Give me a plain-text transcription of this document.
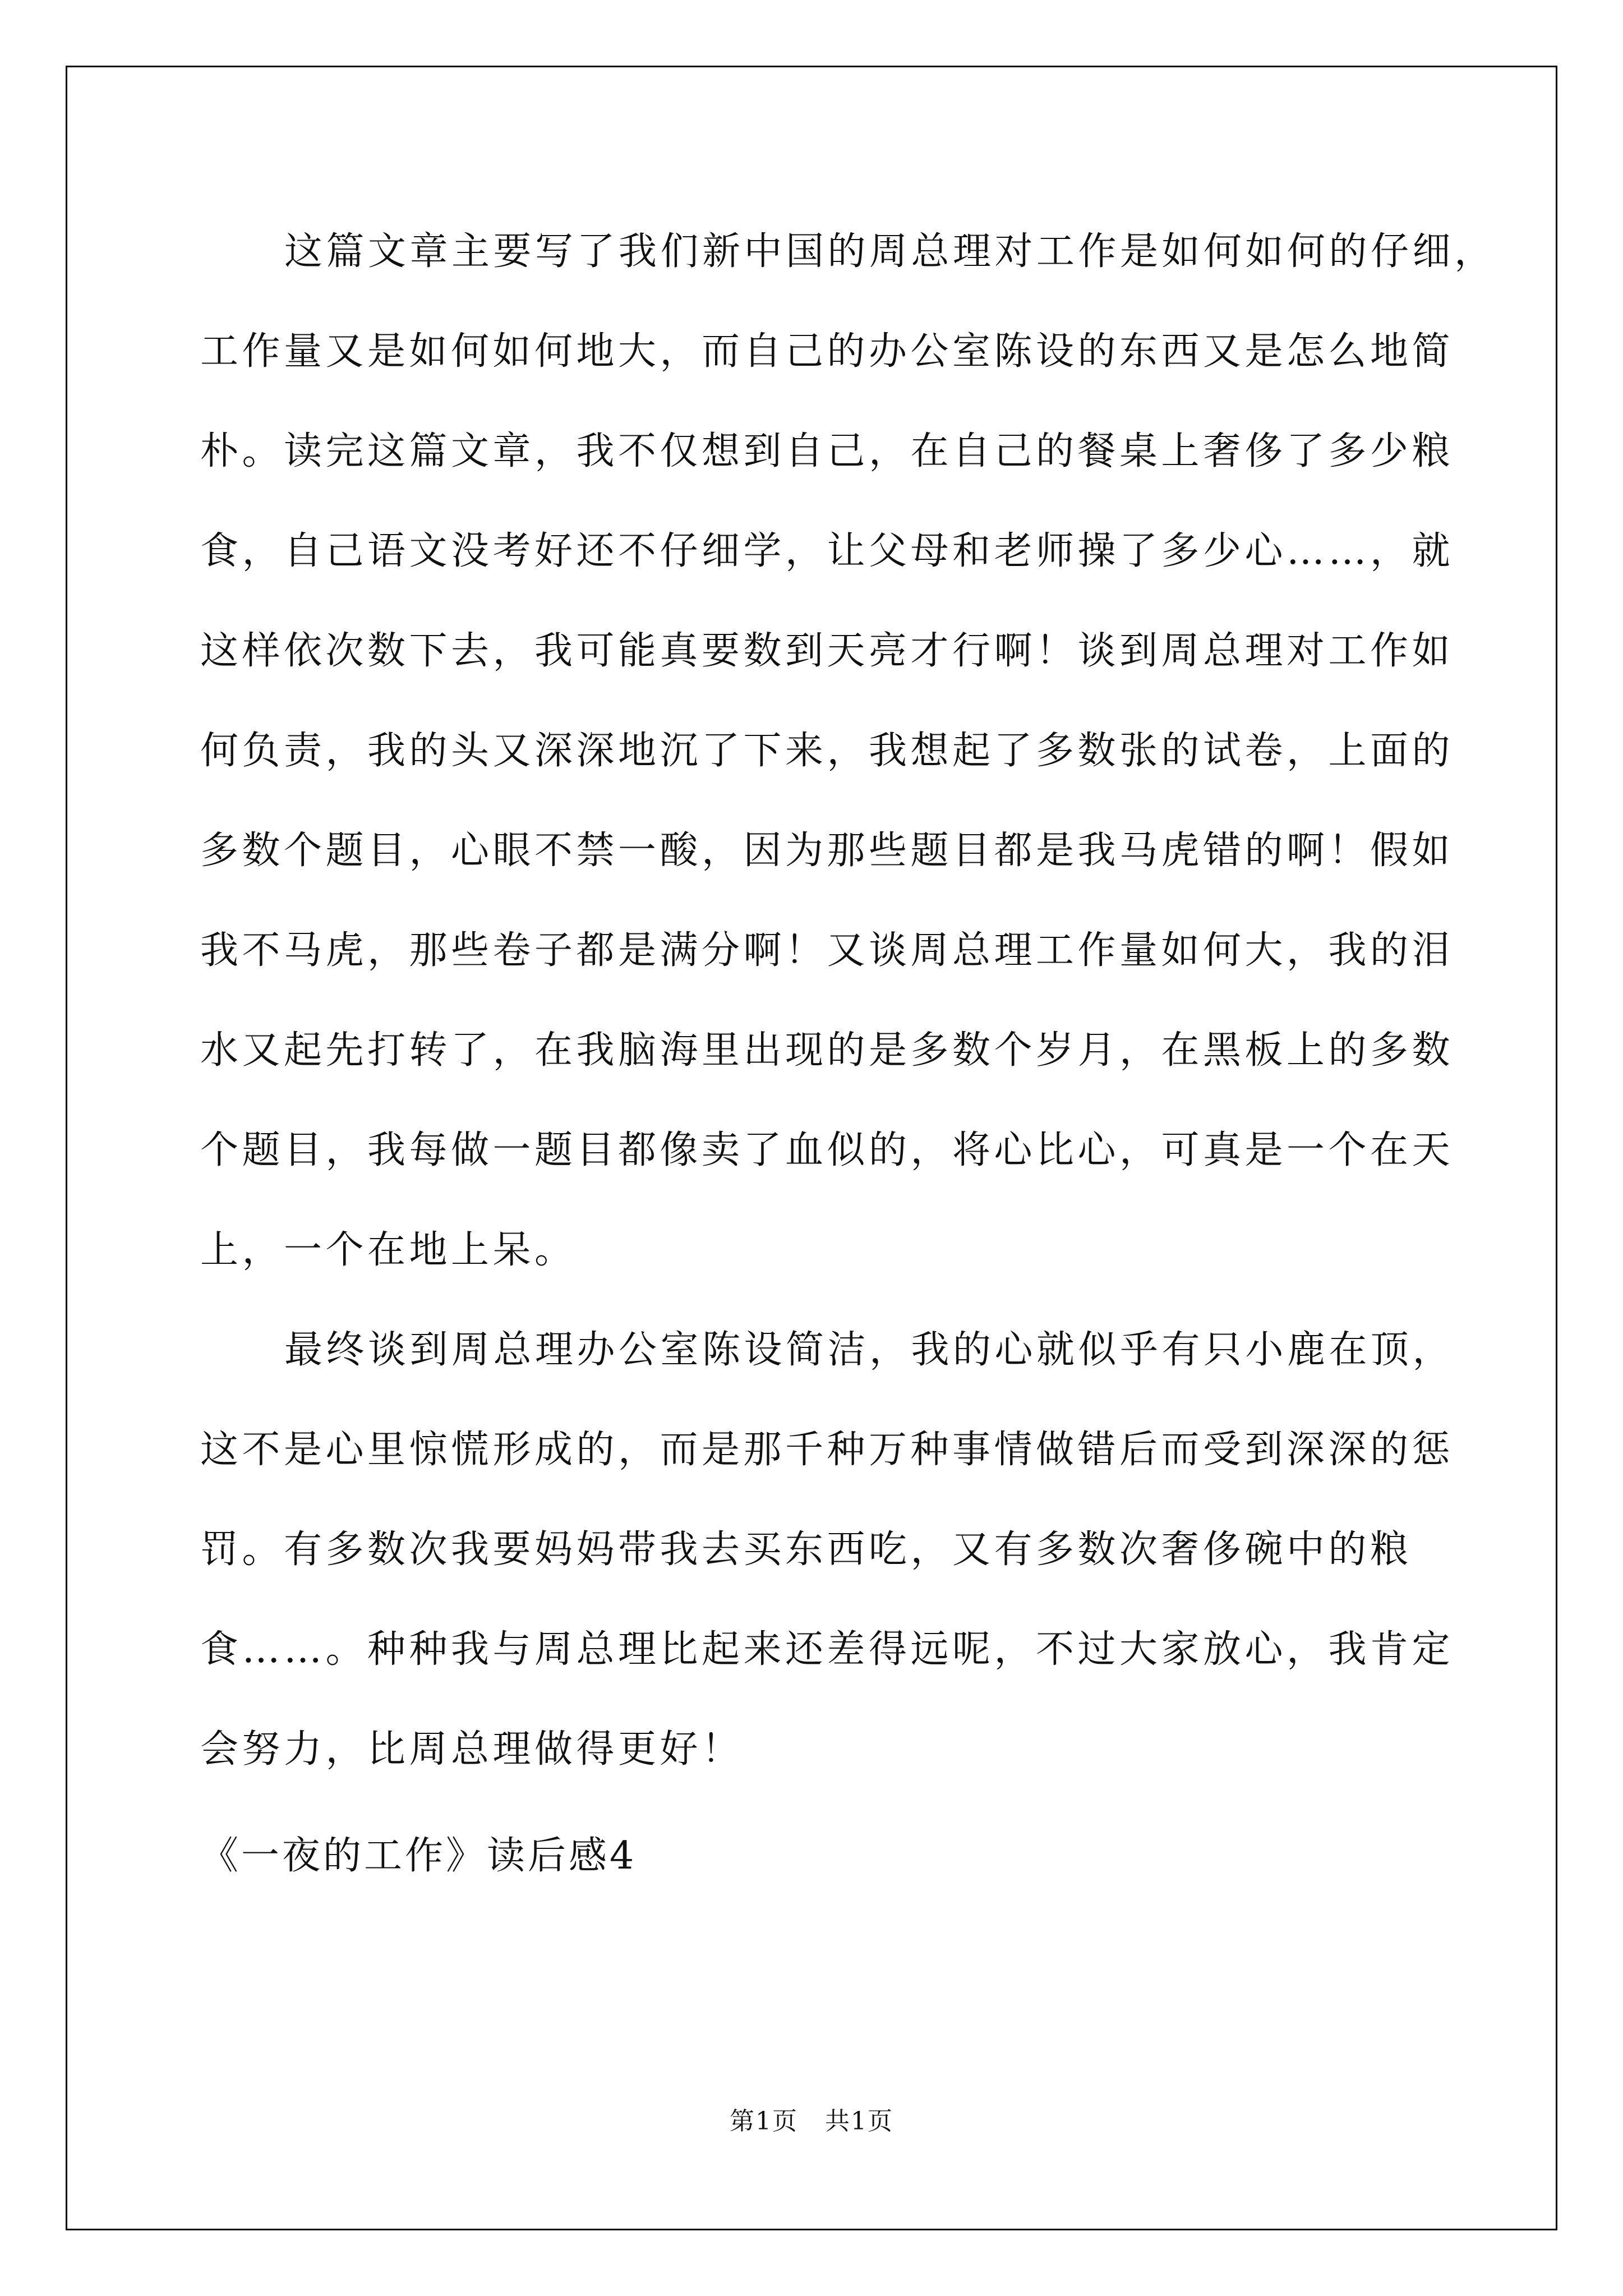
这篇文章主要写了我们新中国的周总理对工作是如何如何的仔细，
工作量又是如何如何地大，而自己的办公室陈设的东西又是怎么地简
朴。读完这篇文章，我不仅想到自己，在自己的餐桌上奢侈了多少粮
食，自己语文没考好还不仔细学，让父母和老师操了多少心……，就
这样依次数下去，我可能真要数到天亮才行啊！谈到周总理对工作如
何负责，我的头又深深地沉了下来，我想起了多数张的试卷，上面的
多数个题目，心眼不禁一酸，因为那些题目都是我马虎错的啊！假如
我不马虎，那些卷子都是满分啊！又谈周总理工作量如何大，我的泪
水又起先打转了，在我脑海里出现的是多数个岁月，在黑板上的多数
个题目，我每做一题目都像卖了血似的，将心比心，可真是一个在天
上，一个在地上呆。
最终谈到周总理办公室陈设简洁，我的心就似乎有只小鹿在顶，
这不是心里惊慌形成的，而是那千种万种事情做错后而受到深深的惩
罚。有多数次我要妈妈带我去买东西吃，又有多数次奢侈碗中的粮
食……。种种我与周总理比起来还差得远呢，不过大家放心，我肯定
会努力，比周总理做得更好！
《一夜的工作》读后感4
第1页   共1页
